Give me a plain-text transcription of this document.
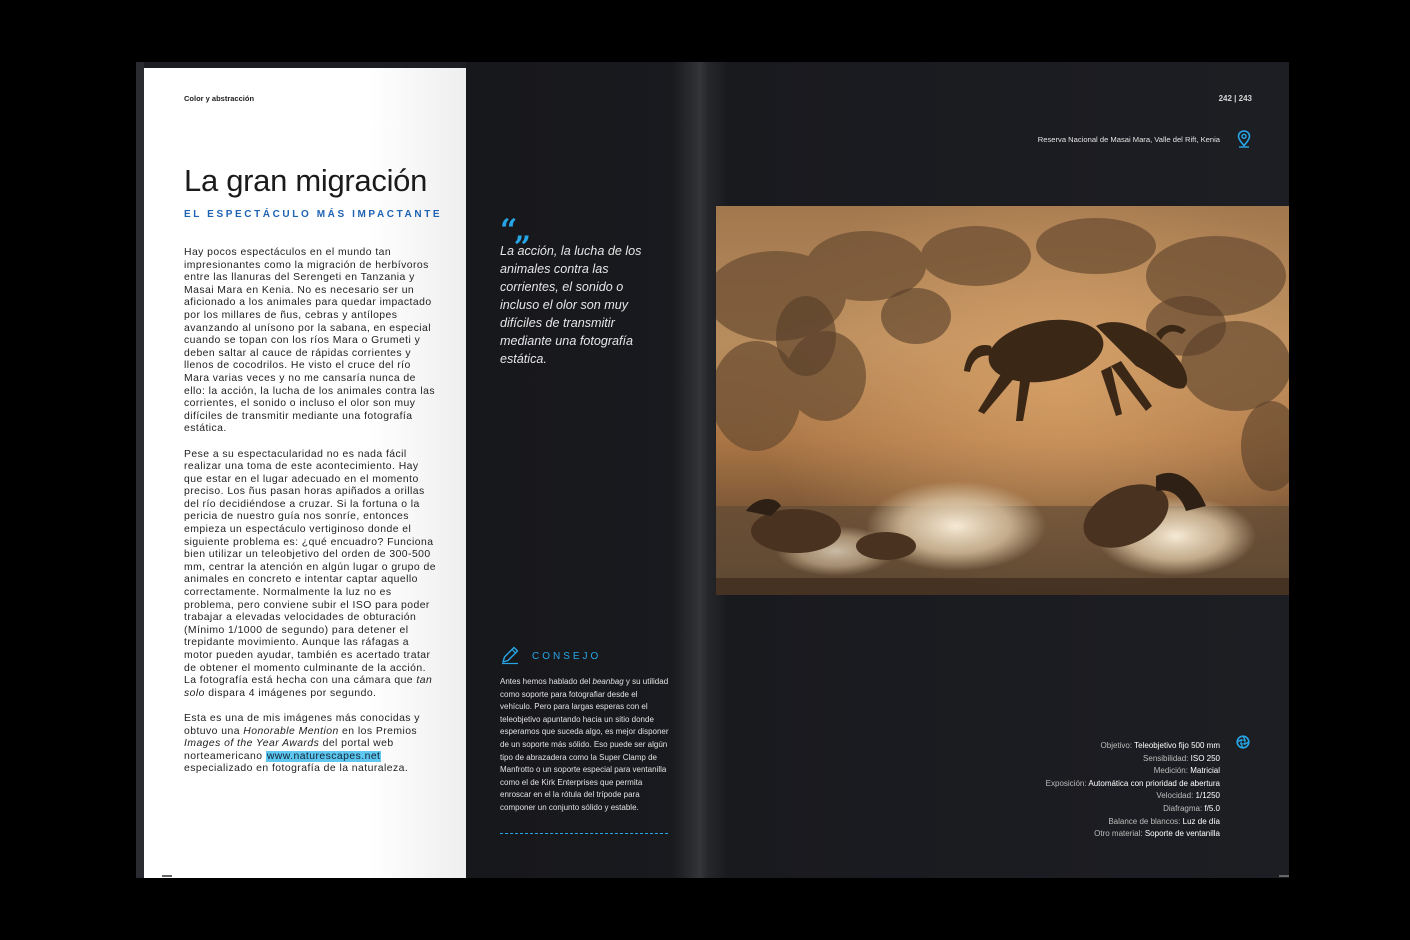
Color y abstracción
La gran migración
EL ESPECTÁCULO MÁS IMPACTANTE

Hay pocos espectáculos en el mundo tan impresionantes como la migración de herbívoros entre las llanuras del Serengeti en Tanzania y Masai Mara en Kenia. No es necesario ser un aficionado a los animales para quedar impactado por los millares de ñus, cebras y antílopes avanzando al unísono por la sabana, en especial cuando se topan con los ríos Mara o Grumeti y deben saltar al cauce de rápidas corrientes y llenos de cocodrilos. He visto el cruce del río Mara varias veces y no me cansaría nunca de ello: la acción, la lucha de los animales contra las corrientes, el sonido o incluso el olor son muy difíciles de transmitir mediante una fotografía estática.

Pese a su espectacularidad no es nada fácil realizar una toma de este acontecimiento. Hay que estar en el lugar adecuado en el momento preciso. Los ñus pasan horas apiñados a orillas del río decidiéndose a cruzar. Si la fortuna o la pericia de nuestro guía nos sonríe, entonces empieza un espectáculo vertiginoso donde el siguiente problema es: ¿qué encuadro? Funciona bien utilizar un teleobjetivo del orden de 300-500 mm, centrar la atención en algún lugar o grupo de animales en concreto e intentar captar aquello correctamente. Normalmente la luz no es problema, pero conviene subir el ISO para poder trabajar a elevadas velocidades de obturación (Mínimo 1/1000 de segundo) para detener el trepidante movimiento. Aunque las ráfagas a motor pueden ayudar, también es acertado tratar de obtener el momento culminante de la acción. La fotografía está hecha con una cámara que tan solo dispara 4 imágenes por segundo.

Esta es una de mis imágenes más conocidas y obtuvo una Honorable Mention en los Premios Images of the Year Awards del portal web norteamericano www.naturescapes.net especializado en fotografía de la naturaleza.

242 | 243
Reserva Nacional de Masai Mara, Valle del Rift, Kenia
“„
La acción, la lucha de los animales contra las corrientes, el sonido o incluso el olor son muy difíciles de transmitir mediante una fotografía estática.
CONSEJO
Antes hemos hablado del beanbag y su utilidad como soporte para fotografiar desde el vehículo. Pero para largas esperas con el teleobjetivo apuntando hacia un sitio donde esperamos que suceda algo, es mejor disponer de un soporte más sólido. Eso puede ser algún tipo de abrazadera como la Super Clamp de Manfrotto o un soporte especial para ventanilla como el de Kirk Enterprises que permita enroscar en el la rótula del trípode para componer un conjunto sólido y estable.
Objetivo: Teleobjetivo fijo 500 mm
Sensibilidad: ISO 250
Medición: Matricial
Exposición: Automática con prioridad de abertura
Velocidad: 1/1250
Diafragma: f/5.0
Balance de blancos: Luz de día
Otro material: Soporte de ventanilla
